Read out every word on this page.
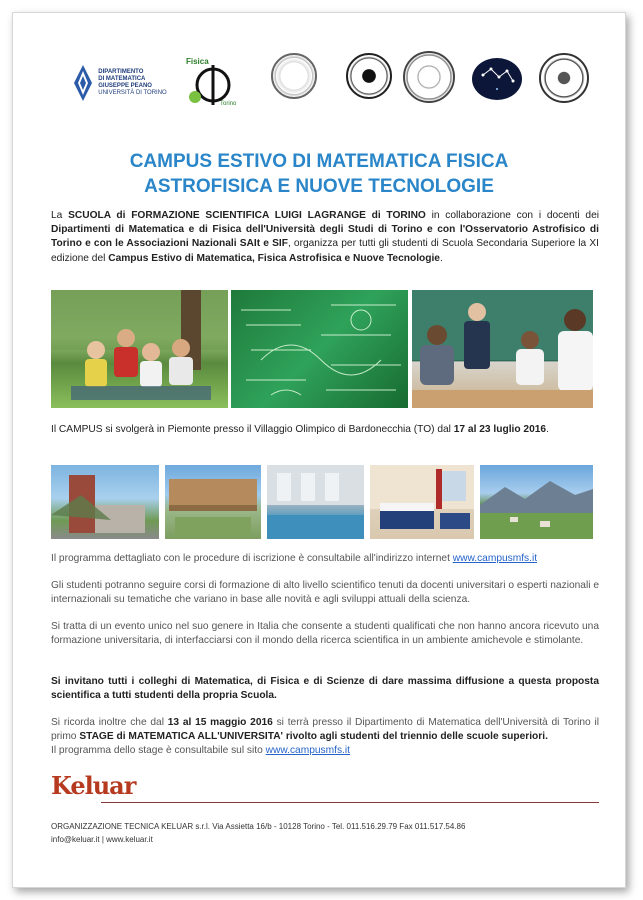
DIPARTIMENTO
DI MATEMATICA
GIUSEPPE PEANO
UNIVERSITÀ DI TORINO
Fisica
Torino
CAMPUS ESTIVO DI MATEMATICA FISICA
ASTROFISICA E NUOVE TECNOLOGIE
La SCUOLA di FORMAZIONE SCIENTIFICA LUIGI LAGRANGE di TORINO in collaborazione con i docenti dei Dipartimenti di Matematica e di Fisica dell'Università degli Studi di Torino e con l'Osservatorio Astrofisico di Torino e con le Associazioni Nazionali SAIt e SIF, organizza per tutti gli studenti di Scuola Secondaria Superiore la XI edizione del Campus Estivo di Matematica, Fisica Astrofisica e Nuove Tecnologie.
Il CAMPUS si svolgerà in Piemonte presso il Villaggio Olimpico di Bardonecchia (TO) dal 17 al 23 luglio 2016.
Il programma dettagliato con le procedure di iscrizione è consultabile all'indirizzo internet www.campusmfs.it
Gli studenti potranno seguire corsi di formazione di alto livello scientifico tenuti da docenti universitari o esperti nazionali e internazionali su tematiche che variano in base alle novità e agli sviluppi attuali della scienza.
Si tratta di un evento unico nel suo genere in Italia che consente a studenti qualificati che non hanno ancora ricevuto una formazione universitaria, di interfacciarsi con il mondo della ricerca scientifica in un ambiente amichevole e stimolante.
Si invitano tutti i colleghi di Matematica, di Fisica e di Scienze di dare massima diffusione a questa proposta scientifica a tutti studenti della propria Scuola.
Si ricorda inoltre che dal 13 al 15 maggio 2016 si terrà presso il Dipartimento di Matematica dell'Università di Torino il primo STAGE di MATEMATICA ALL'UNIVERSITA' rivolto agli studenti del triennio delle scuole superiori.
Il programma dello stage è consultabile sul sito www.campusmfs.it
Keluar
ORGANIZZAZIONE TECNICA KELUAR s.r.l. Via Assietta 16/b - 10128 Torino - Tel. 011.516.29.79 Fax 011.517.54.86
info@keluar.it | www.keluar.it
